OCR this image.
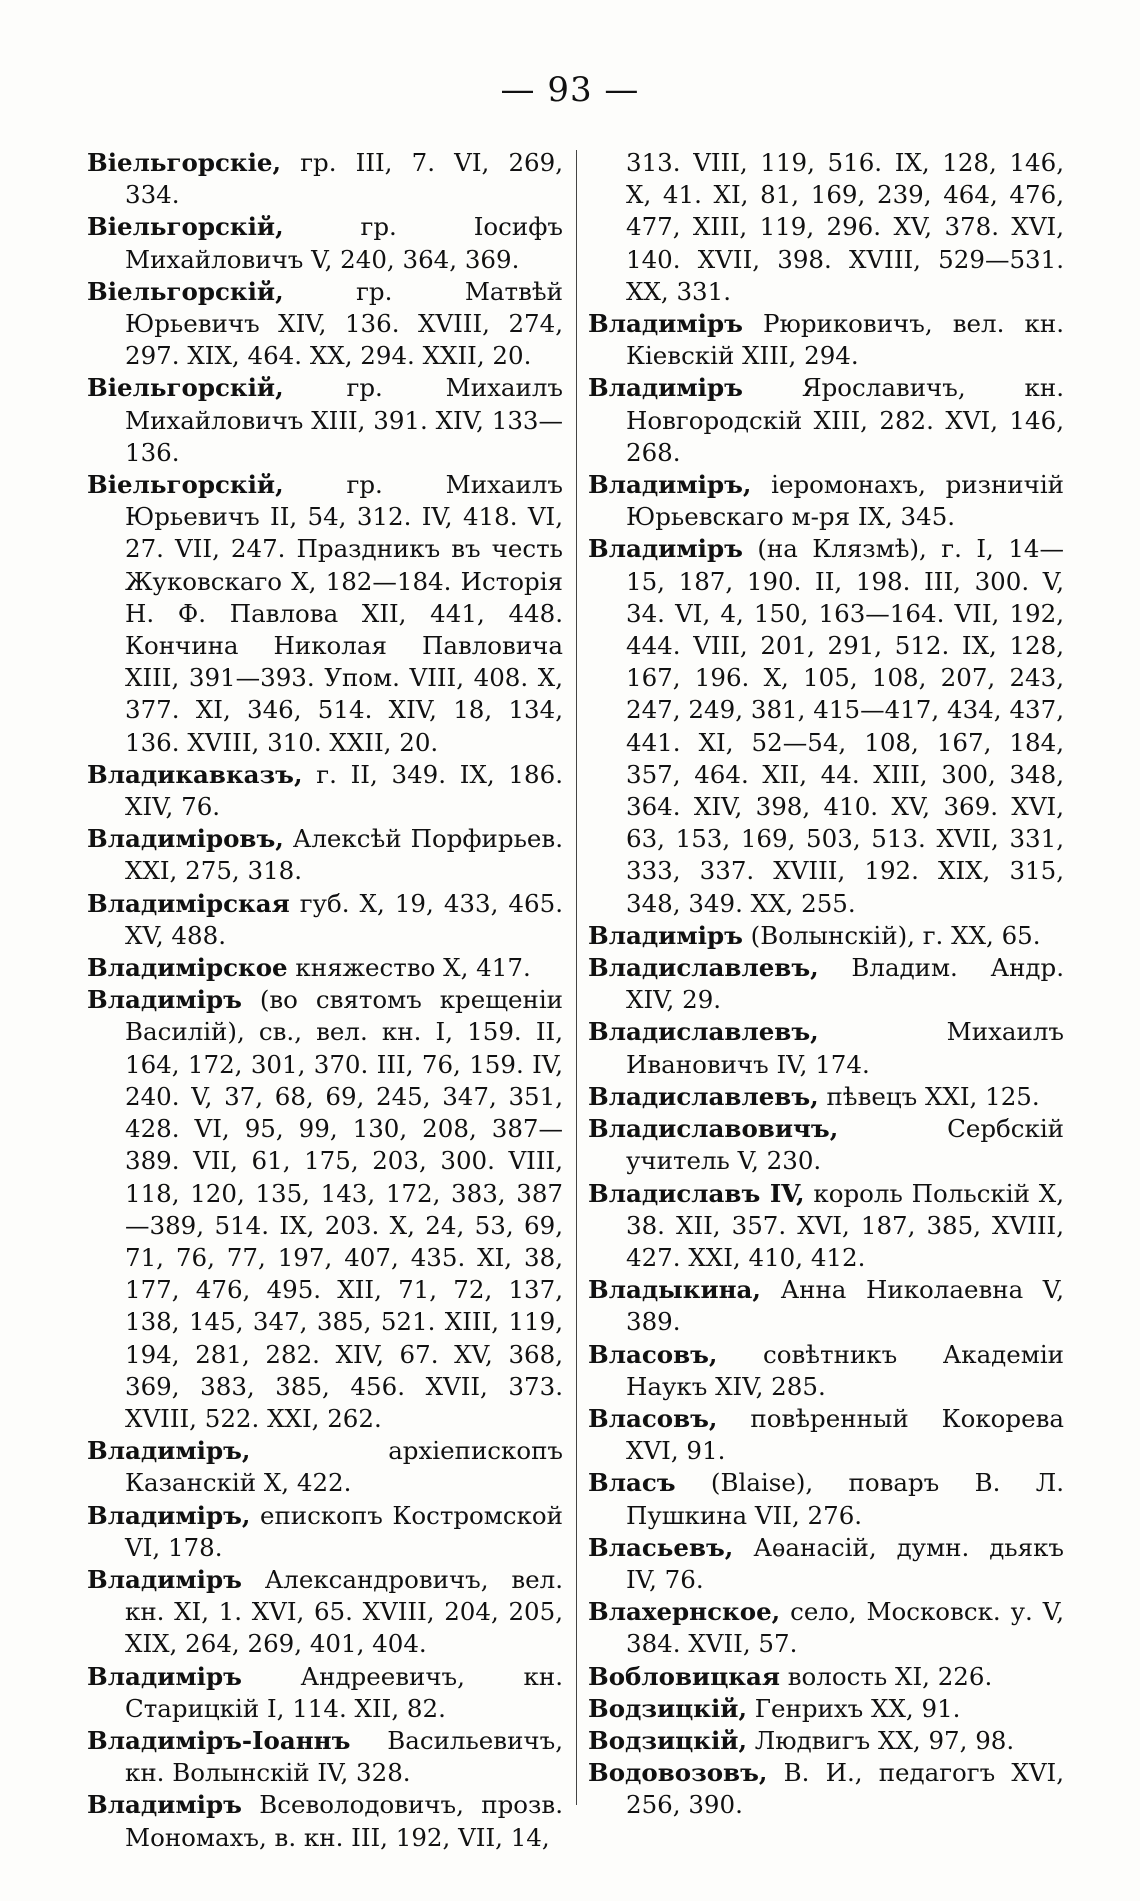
— 93 —
Віельгорскіе, гр. III, 7. VI, 269, 334.
Віельгорскій,	гр. Іосифъ Михайловичъ V, 240, 364, 369.
Віельгорскій,	гр. Матвѣй Юрьевичъ XIV, 136. XVIII, 274, 297. XIX, 464. XX, 294. XXII, 20.
Віельгорскій,	гр. Михаилъ Михайловичъ XIII, 391. XIV, 133—136.
Віельгорскій,	гр. Михаилъ Юрьевичъ II, 54, 312. IV, 418. VI, 27. VII, 247. Праздникъ въ честь Жуковскаго X, 182—184. Исторія Н. Ф. Павлова XII, 441, 448. Кончина Николая Павловича XIII, 391—393. Упом. VIII, 408. X, 377. XI, 346, 514. XIV, 18, 134, 136. XVIII, 310. XXII, 20.
Владикавказъ, г. II, 349. IX, 186. XIV, 76.
Владиміровъ, Алексѣй Порфирьев. XXI, 275, 318.
Владимірская губ. X, 19, 433, 465. XV, 488.
Владимірское княжество X, 417.
Владиміръ (во святомъ крещеніи Василій), св., вел. кн. I, 159. II, 164, 172, 301, 370. III, 76, 159. IV, 240. V, 37, 68, 69, 245, 347, 351, 428. VI, 95, 99, 130, 208, 387—389. VII, 61, 175, 203, 300. VIII, 118, 120, 135, 143, 172, 383, 387—389, 514. IX, 203. X, 24, 53, 69, 71, 76, 77, 197, 407, 435. XI, 38, 177, 476, 495. XII, 71, 72, 137, 138, 145, 347, 385, 521. XIII, 119, 194, 281, 282. XIV, 67. XV, 368, 369, 383, 385, 456. XVII, 373. XVIII, 522. XXI, 262.
Владиміръ,	архіепископъ Казанскій X, 422.
Владиміръ, епископъ Костромской VI, 178.
Владиміръ Александровичъ, вел. кн. XI, 1. XVI, 65. XVIII, 204, 205, XIX, 264, 269, 401, 404.
Владиміръ Андреевичъ, кн. Старицкій I, 114. XII, 82.
Владиміръ-Іоаннъ Васильевичъ, кн. Волынскій IV, 328.
Владиміръ Всеволодовичъ, прозв. Мономахъ, в. кн. III, 192, VII, 14,
313. VIII, 119, 516. IX, 128, 146, X, 41. XI, 81, 169, 239, 464, 476, 477, XIII, 119, 296. XV, 378. XVI, 140. XVII, 398. XVIII, 529—531. XX, 331.
Владиміръ Рюриковичъ, вел. кн. Кіевскій XIII, 294.
Владиміръ Ярославичъ, кн. Новгородскій XIII, 282. XVI, 146, 268.
Владиміръ, іеромонахъ, ризничій Юрьевскаго м-ря IX, 345.
Владиміръ (на Клязмѣ), г. I, 14—15, 187, 190. II, 198. III, 300. V, 34. VI, 4, 150, 163—164. VII, 192, 444. VIII, 201, 291, 512. IX, 128, 167, 196. X, 105, 108, 207, 243, 247, 249, 381, 415—417, 434, 437, 441. XI, 52—54, 108, 167, 184, 357, 464. XII, 44. XIII, 300, 348, 364. XIV, 398, 410. XV, 369. XVI, 63, 153, 169, 503, 513. XVII, 331, 333, 337. XVIII, 192. XIX, 315, 348, 349. XX, 255.
Владиміръ (Волынскій), г. XX, 65.
Владиславлевъ, Владим. Андр. XIV, 29.
Владиславлевъ,	Михаилъ Ивановичъ IV, 174.
Владиславлевъ, пѣвецъ XXI, 125.
Владиславовичъ,	Сербскій учитель V, 230.
Владиславъ IV, король Польскій X, 38. XII, 357. XVI, 187, 385, XVIII, 427. XXI, 410, 412.
Владыкина, Анна Николаевна V, 389.
Власовъ, совѣтникъ Академіи Наукъ XIV, 285.
Власовъ, повѣренный Кокорева XVI, 91.
Власъ (Blaise), поваръ В. Л. Пушкина VII, 276.
Власьевъ, Аѳанасій, думн. дьякъ IV, 76.
Влахернское, село, Московск. у. V, 384. XVII, 57.
Вобловицкая волость XI, 226.
Водзицкій, Генрихъ XX, 91.
Водзицкій, Людвигъ XX, 97, 98.
Водовозовъ, В. И., педагогъ XVI, 256, 390.
